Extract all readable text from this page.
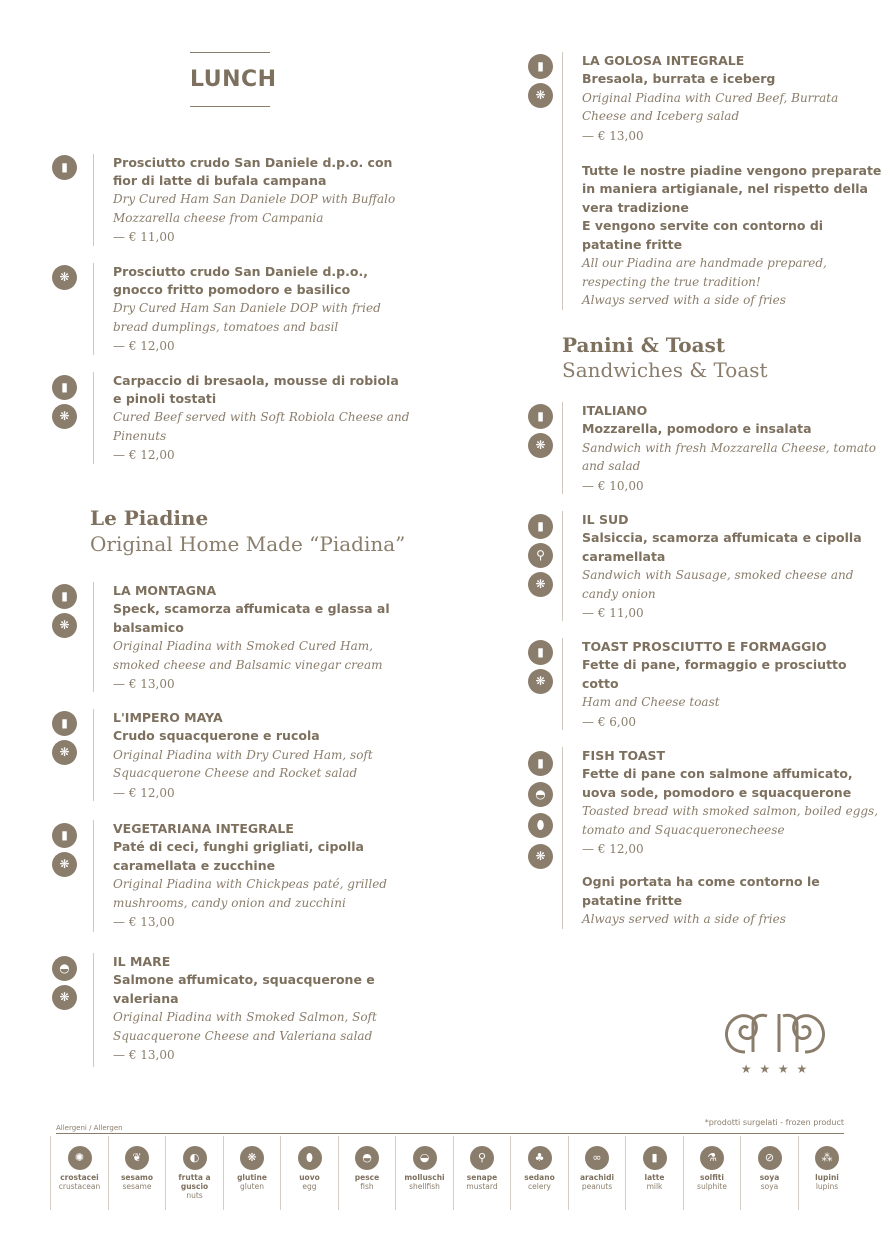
LUNCH
▮	Prosciutto crudo San Daniele d.p.o. con
fior di latte di bufala campana
Dry Cured Ham San Daniele DOP with Buffalo
Mozzarella cheese from Campania
— € 11,00
❋	Prosciutto crudo San Daniele d.p.o.,
gnocco fritto pomodoro e basilico
Dry Cured Ham San Daniele DOP with fried
bread dumplings, tomatoes and basil
— € 12,00
▮
❋
Carpaccio di bresaola, mousse di robiola
e pinoli tostati
Cured Beef served with Soft Robiola Cheese and
Pinenuts
— € 12,00
Le Piadine
Original Home Made “Piadina”
▮
❋
LA MONTAGNA
Speck, scamorza affumicata e glassa al
balsamico
Original Piadina with Smoked Cured Ham,
smoked cheese and Balsamic vinegar cream
— € 13,00
▮
❋
L'IMPERO MAYA
Crudo squacquerone e rucola
Original Piadina with Dry Cured Ham, soft
Squacquerone Cheese and Rocket salad
— € 12,00
▮
❋
VEGETARIANA INTEGRALE
Paté di ceci, funghi grigliati, cipolla
caramellata e zucchine
Original Piadina with Chickpeas paté, grilled
mushrooms, candy onion and zucchini
— € 13,00
◓
❋
IL MARE
Salmone affumicato, squacquerone e
valeriana
Original Piadina with Smoked Salmon, Soft
Squacquerone Cheese and Valeriana salad
— € 13,00
▮
❋
LA GOLOSA INTEGRALE
Bresaola, burrata e iceberg
Original Piadina with Cured Beef, Burrata
Cheese and Iceberg salad
— € 13,00
Tutte le nostre piadine vengono preparate
in maniera artigianale, nel rispetto della
vera tradizione
E vengono servite con contorno di
patatine fritte
All our Piadina are handmade prepared,
respecting the true tradition!
Always served with a side of fries
Panini & Toast
Sandwiches & Toast
▮
❋
ITALIANO
Mozzarella, pomodoro e insalata
Sandwich with fresh Mozzarella Cheese, tomato
and salad
— € 10,00
▮
⚲
❋
IL SUD
Salsiccia, scamorza affumicata e cipolla
caramellata
Sandwich with Sausage, smoked cheese and
candy onion
— € 11,00
▮
❋
TOAST PROSCIUTTO E FORMAGGIO
Fette di pane, formaggio e prosciutto
cotto
Ham and Cheese toast
— € 6,00
▮
◓
⬮
❋
FISH TOAST
Fette di pane con salmone affumicato,
uova sode, pomodoro e squacquerone
Toasted bread with smoked salmon, boiled eggs,
tomato and Squacqueronecheese
— € 12,00
Ogni portata ha come contorno le
patatine fritte
Always served with a side of fries
★ ★ ★ ★
*prodotti surgelati - frozen product
Allergeni / Allergen
✺
crostacei
crustacean
❦
sesamo
sesame
◐
frutta a
guscio
nuts
❋
glutine
gluten
⬮
uovo
egg
◓
pesce
fish
◒
molluschi
shellfish
⚲
senape
mustard
♣
sedano
celery
∞
arachidi
peanuts
▮
latte
milk
⚗
solfiti
sulphite
⊘
soya
soya
⁂
lupini
lupins
